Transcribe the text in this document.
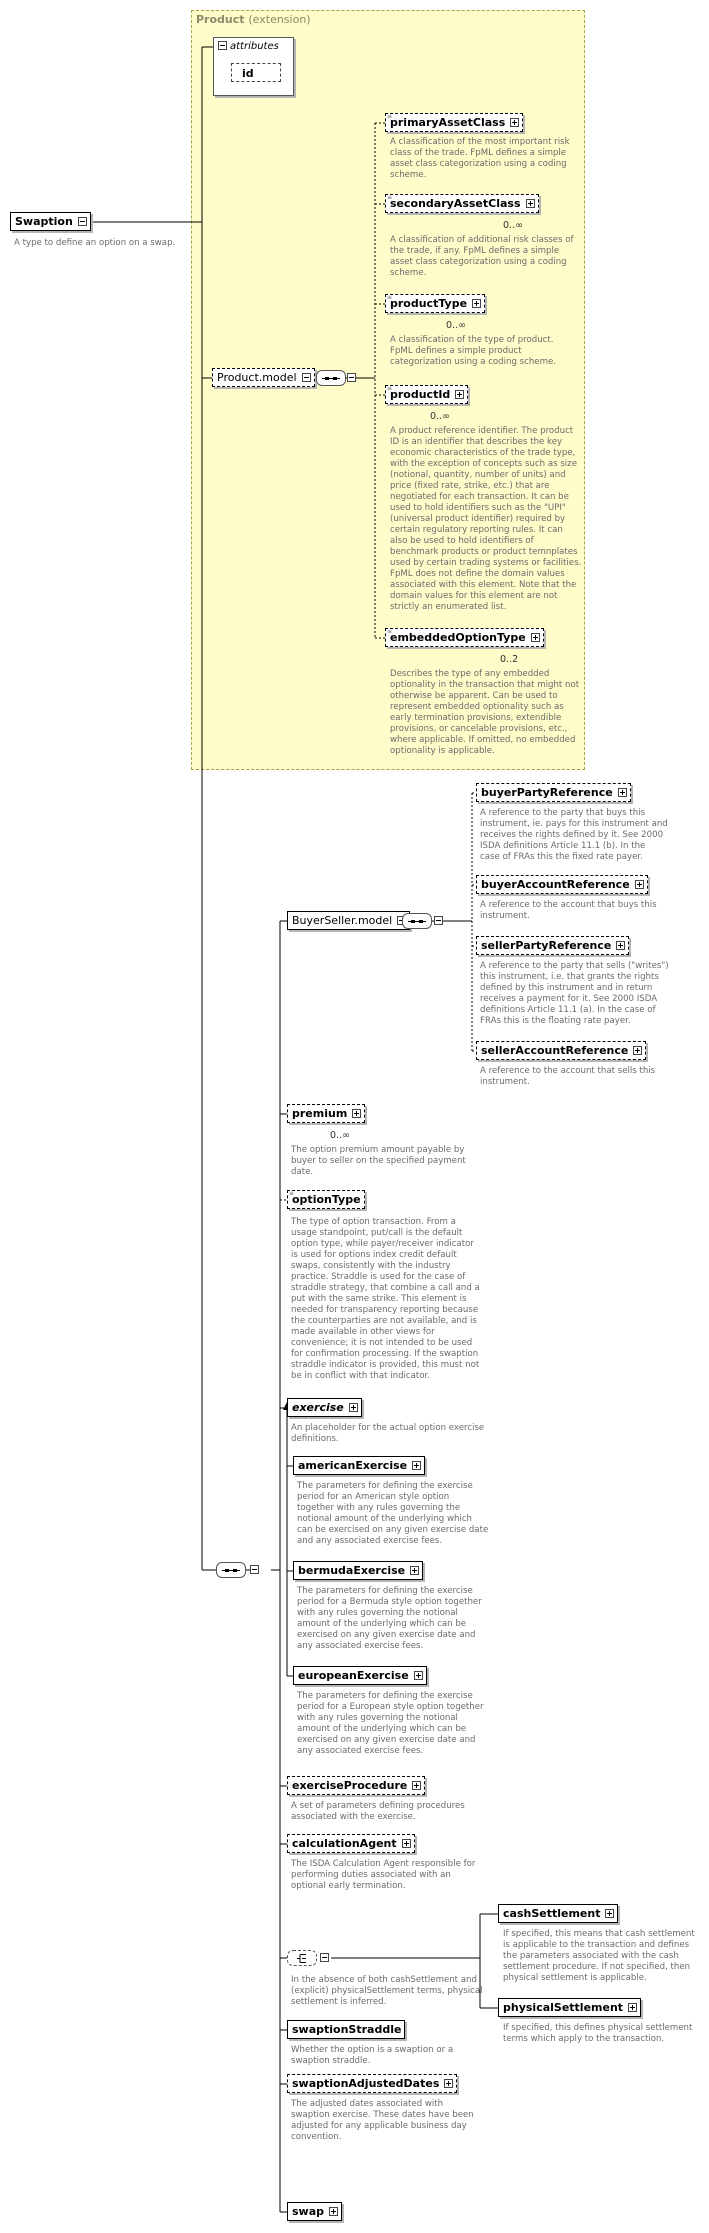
Product (extension)
attributes
id
Swaption
A type to define an option on a swap.
Product.model
≡
primaryAssetClass
A classification of the most important risk
class of the trade. FpML defines a simple
asset class categorization using a coding
scheme.
≡
secondaryAssetClass
0..∞
A classification of additional risk classes of
the trade, if any. FpML defines a simple
asset class categorization using a coding
scheme.
≡
productType
0..∞
A classification of the type of product.
FpML defines a simple product
categorization using a coding scheme.
≡
productId
0..∞
A product reference identifier. The product
ID is an identifier that describes the key
economic characteristics of the trade type,
with the exception of concepts such as size
(notional, quantity, number of units) and
price (fixed rate, strike, etc.) that are
negotiated for each transaction. It can be
used to hold identifiers such as the "UPI"
(universal product identifier) required by
certain regulatory reporting rules. It can
also be used to hold identifiers of
benchmark products or product temnplates
used by certain trading systems or facilities.
FpML does not define the domain values
associated with this element. Note that the
domain values for this element are not
strictly an enumerated list.
≡
embeddedOptionType
0..2
Describes the type of any embedded
optionality in the transaction that might not
otherwise be apparent. Can be used to
represent embedded optionality such as
early termination provisions, extendible
provisions, or cancelable provisions, etc.,
where applicable. If omitted, no embedded
optionality is applicable.
BuyerSeller.model
buyerPartyReference
A reference to the party that buys this
instrument, ie. pays for this instrument and
receives the rights defined by it. See 2000
ISDA definitions Article 11.1 (b). In the
case of FRAs this the fixed rate payer.
buyerAccountReference
A reference to the account that buys this
instrument.
sellerPartyReference
A reference to the party that sells ("writes")
this instrument, i.e. that grants the rights
defined by this instrument and in return
receives a payment for it. See 2000 ISDA
definitions Article 11.1 (a). In the case of
FRAs this is the floating rate payer.
sellerAccountReference
A reference to the account that sells this
instrument.
premium
0..∞
The option premium amount payable by
buyer to seller on the specified payment
date.
≡
optionType
The type of option transaction. From a
usage standpoint, put/call is the default
option type, while payer/receiver indicator
is used for options index credit default
swaps, consistently with the industry
practice. Straddle is used for the case of
straddle strategy, that combine a call and a
put with the same strike. This element is
needed for transparency reporting because
the counterparties are not available, and is
made available in other views for
convenience; it is not intended to be used
for confirmation processing. If the swaption
straddle indicator is provided, this must not
be in conflict with that indicator.
exercise
An placeholder for the actual option exercise
definitions.
americanExercise
The parameters for defining the exercise
period for an American style option
together with any rules governing the
notional amount of the underlying which
can be exercised on any given exercise date
and any associated exercise fees.
bermudaExercise
The parameters for defining the exercise
period for a Bermuda style option together
with any rules governing the notional
amount of the underlying which can be
exercised on any given exercise date and
any associated exercise fees.
europeanExercise
The parameters for defining the exercise
period for a European style option together
with any rules governing the notional
amount of the underlying which can be
exercised on any given exercise date and
any associated exercise fees.
exerciseProcedure
A set of parameters defining procedures
associated with the exercise.
calculationAgent
The ISDA Calculation Agent responsible for
performing duties associated with an
optional early termination.
In the absence of both cashSettlement and
(explicit) physicalSettlement terms, physical
settlement is inferred.
cashSettlement
If specified, this means that cash settlement
is applicable to the transaction and defines
the parameters associated with the cash
settlement procedure. If not specified, then
physical settlement is applicable.
physicalSettlement
If specified, this defines physical settlement
terms which apply to the transaction.
swaptionStraddle
Whether the option is a swaption or a
swaption straddle.
swaptionAdjustedDates
The adjusted dates associated with
swaption exercise. These dates have been
adjusted for any applicable business day
convention.
swap
